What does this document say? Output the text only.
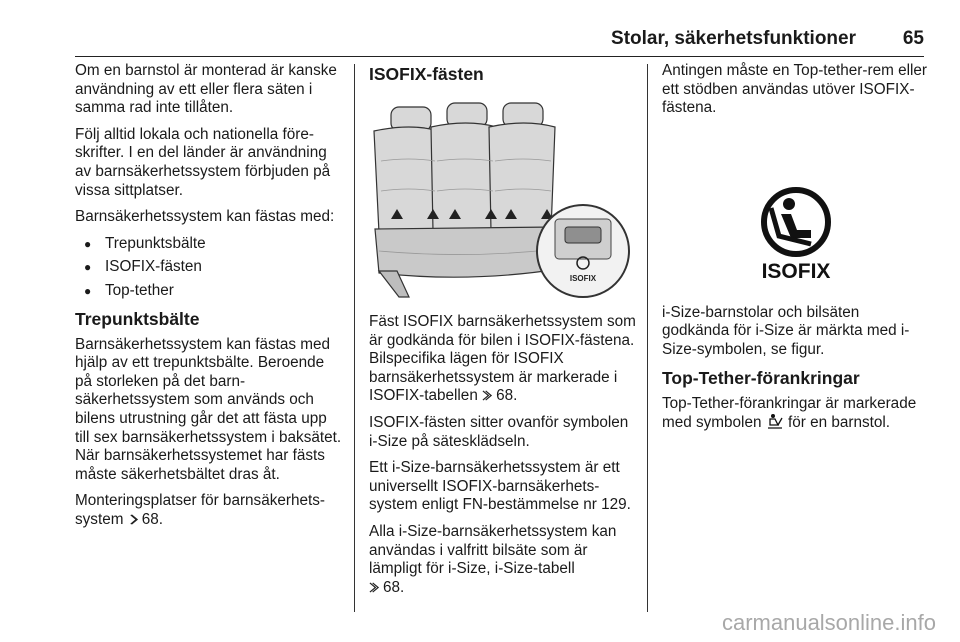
Stolar, säkerhetsfunktioner 65

Om en barnstol är monterad är kanske användning av ett eller flera säten i samma rad inte tillåten.

Följ alltid lokala och nationella föreskrifter. I en del länder är användning av barnsäkerhetssystem förbjuden på vissa sittplatser.

Barnsäkerhetssystem kan fästas med:

● Trepunktsbälte
● ISOFIX-fästen
● Top-tether
Trepunktsbälte

Barnsäkerhetssystem kan fästas med hjälp av ett trepunktsbälte. Beroende på storleken på det barnsäkerhetssystem som används och bilens utrustning går det att fästa upp till sex barnsäkerhetssystem i baksätet. När barnsäkerhetssystemet har fästs måste säkerhetsbältet dras åt.

Monteringsplatser för barnsäkerhetssystem 68.

ISOFIX-fästen
ISOFIX

Fäst ISOFIX barnsäkerhetssystem som är godkända för bilen i ISOFIX-fästena. Bilspecifika lägen för ISOFIX barnsäkerhetssystem är markerade i ISOFIX-tabellen 68.

ISOFIX-fästen sitter ovanför symbolen i-Size på sätesklädseln.

Ett i-Size-barnsäkerhetssystem är ett universellt ISOFIX-barnsäkerhetssystem enligt FN-bestämmelse nr 129.

Alla i-Size-barnsäkerhetssystem kan användas i valfritt bilsäte som är lämpligt för i-Size, i-Size-tabell
68.

Antingen måste en Top-tether-rem eller ett stödben användas utöver ISOFIX-fästena.

ISOFIX

i-Size-barnstolar och bilsäten godkända för i-Size är märkta med i-Size-symbolen, se figur.

Top-Tether-förankringar

Top-Tether-förankringar är markerade med symbolen för en barnstol.

carmanualsonline.info
